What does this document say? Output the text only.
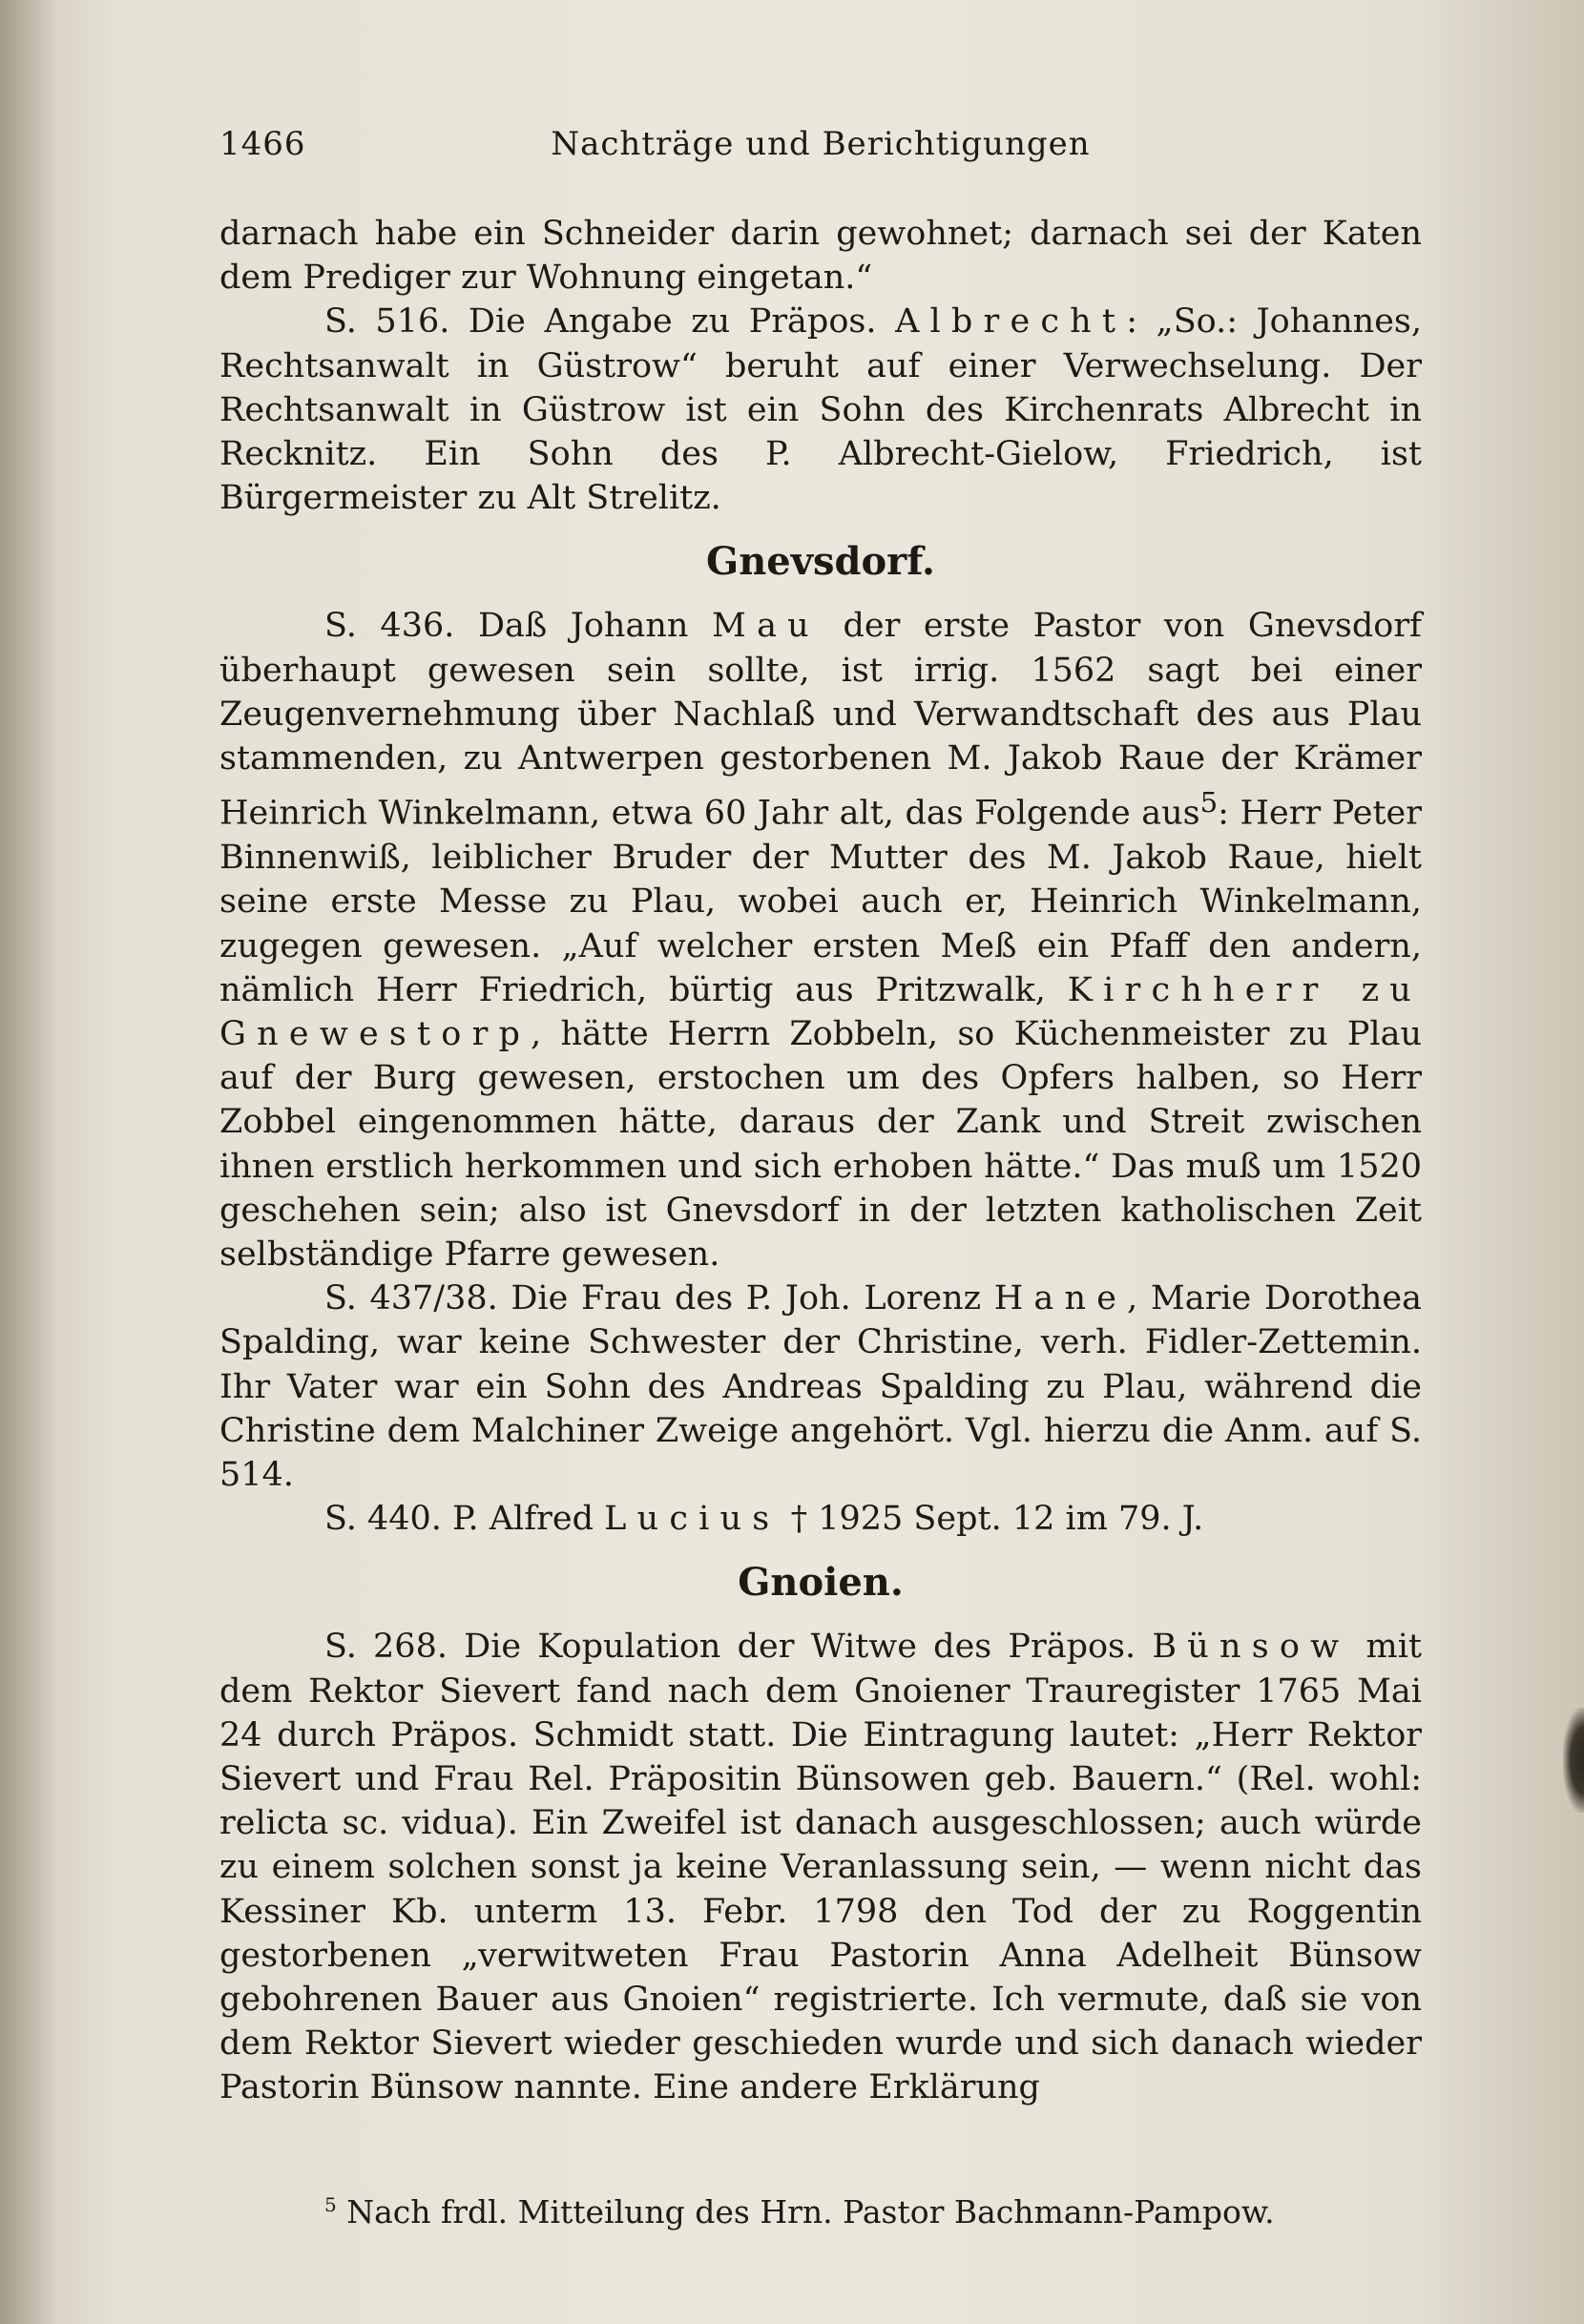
1466	Nachträge und Berichtigungen

darnach habe ein Schneider darin gewohnet; darnach sei der Katen dem Prediger zur Wohnung eingetan.“

S. 516. Die Angabe zu Präpos. Albrecht: „So.: Johannes, Rechtsanwalt in Güstrow“ beruht auf einer Verwechselung. Der Rechtsanwalt in Güstrow ist ein Sohn des Kirchenrats Albrecht in Recknitz. Ein Sohn des P. Albrecht-Gielow, Friedrich, ist Bürgermeister zu Alt Strelitz.

Gnevsdorf.

S. 436. Daß Johann Mau der erste Pastor von Gnevsdorf überhaupt gewesen sein sollte, ist irrig. 1562 sagt bei einer Zeugenvernehmung über Nachlaß und Verwandtschaft des aus Plau stammenden, zu Antwerpen gestorbenen M. Jakob Raue der Krämer Heinrich Winkelmann, etwa 60 Jahr alt, das Folgende aus$^5$: Herr Peter Binnenwiß, leiblicher Bruder der Mutter des M. Jakob Raue, hielt seine erste Messe zu Plau, wobei auch er, Heinrich Winkelmann, zugegen gewesen. „Auf welcher ersten Meß ein Pfaff den andern, nämlich Herr Friedrich, bürtig aus Pritzwalk, Kirchherr zu Gnewestorp, hätte Herrn Zobbeln, so Küchenmeister zu Plau auf der Burg gewesen, erstochen um des Opfers halben, so Herr Zobbel eingenommen hätte, daraus der Zank und Streit zwischen ihnen erstlich herkommen und sich erhoben hätte.“ Das muß um 1520 geschehen sein; also ist Gnevsdorf in der letzten katholischen Zeit selbständige Pfarre gewesen.

S. 437/38. Die Frau des P. Joh. Lorenz Hane, Marie Dorothea Spalding, war keine Schwester der Christine, verh. Fidler-Zettemin. Ihr Vater war ein Sohn des Andreas Spalding zu Plau, während die Christine dem Malchiner Zweige angehört. Vgl. hierzu die Anm. auf S. 514.

S. 440. P. Alfred Lucius † 1925 Sept. 12 im 79. J.

Gnoien.

S. 268. Die Kopulation der Witwe des Präpos. Bünsow mit dem Rektor Sievert fand nach dem Gnoiener Trauregister 1765 Mai 24 durch Präpos. Schmidt statt. Die Eintragung lautet: „Herr Rektor Sievert und Frau Rel. Präpositin Bünsowen geb. Bauern.“ (Rel. wohl: relicta sc. vidua). Ein Zweifel ist danach ausgeschlossen; auch würde zu einem solchen sonst ja keine Veranlassung sein, — wenn nicht das Kessiner Kb. unterm 13. Febr. 1798 den Tod der zu Roggentin gestorbenen „verwitweten Frau Pastorin Anna Adelheit Bünsow gebohrenen Bauer aus Gnoien“ registrierte. Ich vermute, daß sie von dem Rektor Sievert wieder geschieden wurde und sich danach wieder Pastorin Bünsow nannte. Eine andere Erklärung

$^5$ Nach frdl. Mitteilung des Hrn. Pastor Bachmann-Pampow.
